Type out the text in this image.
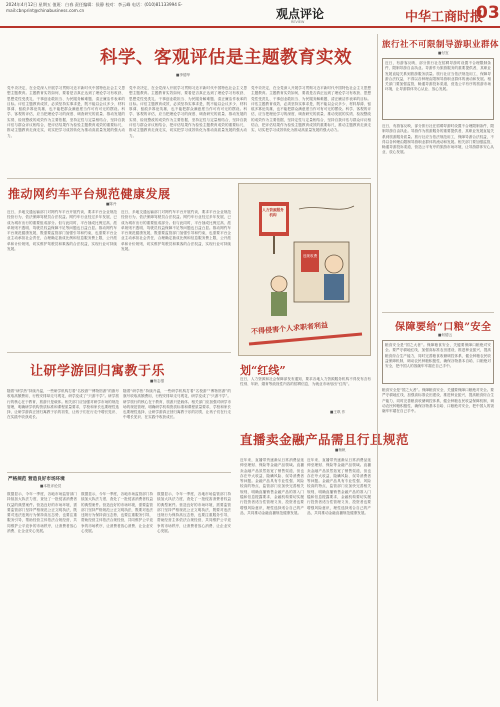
2024年4月12日 星期五 值班：白春 责任编辑：侯静 校对：李云峰 电话：(010)81133994 E-mail:cbnprint@chinabusiness.com.cn	观点评论
REVIEW	中华工商时报
03
科学、客观评估是主题教育实效
■李德华
党中央决定，在全党深入开展学习贯彻习近平新时代中国特色社会主义思想主题教育。主题教育实效如何，要看是否真正达到了理论学习有收获、思想党性受洗礼、干事创业敢担当、为民服务解难题、清正廉洁作表率的目标。评估主题教育成效，必须坚持实事求是，既不能以会议多少、材料厚薄、留痕多寡论英雄，也不能把群众满意度当作可有可无的摆设。科学、客观的评估，应当把理论学习的深度、调查研究的质量、推动发展的实绩、检视整改的成效作为主要依据，坚持定性与定量相结合，坚持自我评估与群众评议相结合，把评估结果作为检验主题教育成效的重要标尺，推动主题教育走深走实，切实把学习成效转化为推动高质量发展的强大动力。
党中央决定，在全党深入开展学习贯彻习近平新时代中国特色社会主义思想主题教育。主题教育实效如何，要看是否真正达到了理论学习有收获、思想党性受洗礼、干事创业敢担当、为民服务解难题、清正廉洁作表率的目标。评估主题教育成效，必须坚持实事求是，既不能以会议多少、材料厚薄、留痕多寡论英雄，也不能把群众满意度当作可有可无的摆设。科学、客观的评估，应当把理论学习的深度、调查研究的质量、推动发展的实绩、检视整改的成效作为主要依据，坚持定性与定量相结合，坚持自我评估与群众评议相结合，把评估结果作为检验主题教育成效的重要标尺，推动主题教育走深走实，切实把学习成效转化为推动高质量发展的强大动力。
党中央决定，在全党深入开展学习贯彻习近平新时代中国特色社会主义思想主题教育。主题教育实效如何，要看是否真正达到了理论学习有收获、思想党性受洗礼、干事创业敢担当、为民服务解难题、清正廉洁作表率的目标。评估主题教育成效，必须坚持实事求是，既不能以会议多少、材料厚薄、留痕多寡论英雄，也不能把群众满意度当作可有可无的摆设。科学、客观的评估，应当把理论学习的深度、调查研究的质量、推动发展的实绩、检视整改的成效作为主要依据，坚持定性与定量相结合，坚持自我评估与群众评议相结合，把评估结果作为检验主题教育成效的重要标尺，推动主题教育走深走实，切实把学习成效转化为推动高质量发展的强大动力。
推动网约车平台规范健康发展
■陈丹
近日，多地交通运输部门对网约车平台开展约谈，要求平台企业规范经营行为，依法保障驾驶员合法权益。网约车行业经过多年发展，已成为城市出行的重要组成部分。但与此同时，平台抽成比例过高、派单规则不透明、驾驶员权益保障不足等问题也日益凸显。推动网约车平台规范健康发展，既需要监管部门加强引导和约束，也需要平台企业主动承担社会责任，合理确定抽成比例和信息服务费上限，公开派单和计价规则，切实维护驾驶员和乘客的合法权益，实现行业可持续发展。
近日，多地交通运输部门对网约车平台开展约谈，要求平台企业规范经营行为，依法保障驾驶员合法权益。网约车行业经过多年发展，已成为城市出行的重要组成部分。但与此同时，平台抽成比例过高、派单规则不透明、驾驶员权益保障不足等问题也日益凸显。推动网约车平台规范健康发展，既需要监管部门加强引导和约束，也需要平台企业主动承担社会责任，合理确定抽成比例和信息服务费上限，公开派单和计价规则，切实维护驾驶员和乘客的合法权益，实现行业可持续发展。
人力资源服务机构
违规收费
不得侵害个人求职者利益
让研学游回归寓教于乐
■杨志强
随着“研学热”持续升温，一些研学机构打着“名校游”“博物馆游”的旗号收取高额费用，行程安排却走马观花，研学变成了“只游不学”。研学旅行的核心在于教育，旅游只是载体。相关部门应加强对研学市场的规范管理，明确研学机构资质标准和课程质量要求，学校和家长也要理性选择，让研学游真正回归寓教于乐的初衷，让孩子们在行走中增长见识、在实践中收获成长。
随着“研学热”持续升温，一些研学机构打着“名校游”“博物馆游”的旗号收取高额费用，行程安排却走马观花，研学变成了“只游不学”。研学旅行的核心在于教育，旅游只是载体。相关部门应加强对研学市场的规范管理，明确研学机构资质标准和课程质量要求，学校和家长也要理性选择，让研学游真正回归寓教于乐的初衷，让孩子们在行走中增长见识、在实践中收获成长。
划“红线”
近日，人力资源和社会保障部发布通知，要求各地人力资源服务机构不得发布含有性别、年龄、婚育等歧视性内容的招聘信息，为就业市场划出“红线”。
■王琪 作
严格规范 营造良好市场环境
■本报评论员
数据显示，今年一季度，各地市场监管部门持续加大执法力度，查处了一批侵害消费者权益的典型案件。营造良好的市场环境，需要监管部门坚持严格规范公正文明执法，既要对违法违规行为保持高压态势，也要注重服务引导，帮助经营主体依法合规经营，共同维护公平竞争的市场秩序，让消费者放心消费、让企业安心发展。
数据显示，今年一季度，各地市场监管部门持续加大执法力度，查处了一批侵害消费者权益的典型案件。营造良好的市场环境，需要监管部门坚持严格规范公正文明执法，既要对违法违规行为保持高压态势，也要注重服务引导，帮助经营主体依法合规经营，共同维护公平竞争的市场秩序，让消费者放心消费、让企业安心发展。
数据显示，今年一季度，各地市场监管部门持续加大执法力度，查处了一批侵害消费者权益的典型案件。营造良好的市场环境，需要监管部门坚持严格规范公正文明执法，既要对违法违规行为保持高压态势，也要注重服务引导，帮助经营主体依法合规经营，共同维护公平竞争的市场秩序，让消费者放心消费、让企业安心发展。
直播卖金融产品需且行且规范
■杨帆
近年来，直播带货逐渐从日常消费品延伸至理财、保险等金融产品领域。直播卖金融产品虽然拓宽了销售渠道，但也存在夸大收益、隐瞒风险、误导消费者等问题。金融产品具有专业性强、风险较高的特点，监管部门应加快完善相关规则，明确直播销售金融产品的准入门槛和信息披露要求，金融机构要切实履行投资者适当性管理义务，投资者也要增强风险意识，理性选择适合自己的产品，共同推动金融直播规范健康发展。
近年来，直播带货逐渐从日常消费品延伸至理财、保险等金融产品领域。直播卖金融产品虽然拓宽了销售渠道，但也存在夸大收益、隐瞒风险、误导消费者等问题。金融产品具有专业性强、风险较高的特点，监管部门应加快完善相关规则，明确直播销售金融产品的准入门槛和信息披露要求，金融机构要切实履行投资者适当性管理义务，投资者也要增强风险意识，理性选择适合自己的产品，共同推动金融直播规范健康发展。
旅行社不可限制导游职业群体
■付宜
近日，有游客反映，部分旅行社在招聘导游时设置不合理限制条件，限制导游自由执业。导游作为旅游服务的重要提供者，其职业发展直接关系到旅游服务质量。旅行社应当依法规范用工，保障导游合法权益，不得以各种理由限制导游职业群体的流动和发展。相关部门要加强监管，畅通导游投诉渠道，营造公平有序的旅游市场环境，让导游群体安心从业、放心发展。
近日，有游客反映，部分旅行社在招聘导游时设置不合理限制条件，限制导游自由执业。导游作为旅游服务的重要提供者，其职业发展直接关系到旅游服务质量。旅行社应当依法规范用工，保障导游合法权益，不得以各种理由限制导游职业群体的流动和发展。相关部门要加强监管，畅通导游投诉渠道，营造公平有序的旅游市场环境，让导游群体安心从业、放心发展。
保障要给“口粮”安全
■何德云
粮食安全是“国之大者”。保障粮食安全，关键要保障口粮绝对安全。要严守耕地红线，加强高标准农田建设，推进种业振兴，提高粮食综合生产能力，同时完善粮食收储调控体系，健全种粮农民收益保障机制，调动农民种粮积极性，确保谷物基本自给、口粮绝对安全，把中国人的饭碗牢牢端在自己手中。
粮食安全是“国之大者”。保障粮食安全，关键要保障口粮绝对安全。要严守耕地红线，加强高标准农田建设，推进种业振兴，提高粮食综合生产能力，同时完善粮食收储调控体系，健全种粮农民收益保障机制，调动农民种粮积极性，确保谷物基本自给、口粮绝对安全，把中国人的饭碗牢牢端在自己手中。
